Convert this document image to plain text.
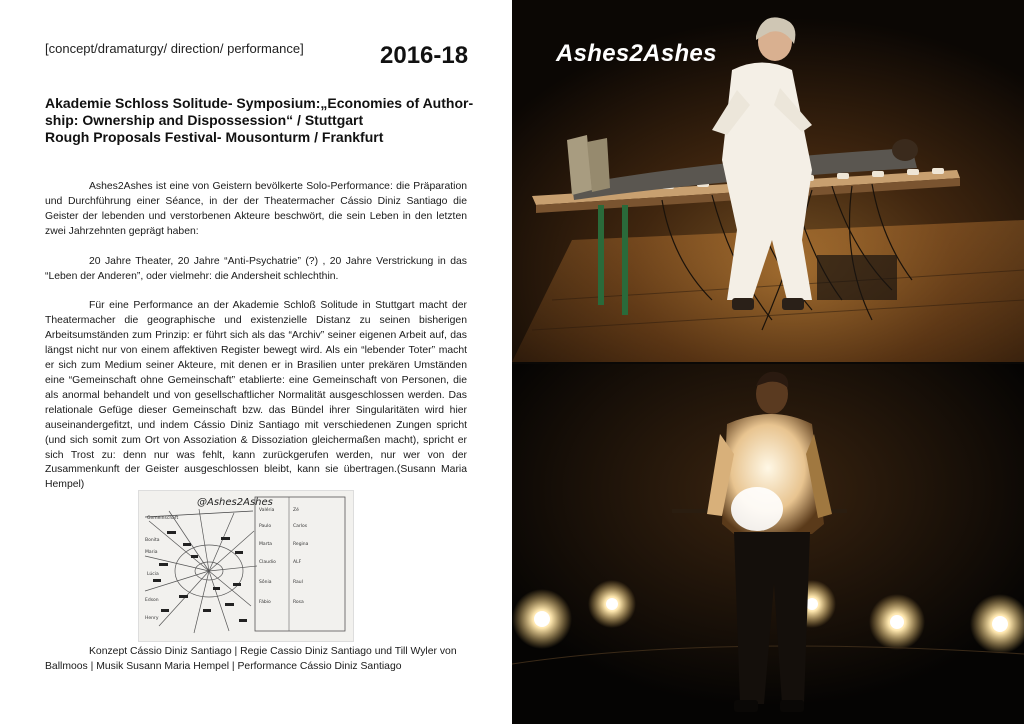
[concept/dramaturgy/ direction/ performance]	2016-18
Akademie Schloss Solitude- Symposium:„Economies of Author-
ship: Ownership and Dispossession“ / Stuttgart
Rough Proposals Festival- Mousonturm / Frankfurt

Ashes2Ashes ist eine von Geistern bevölkerte Solo-Performance: die Präparation und Durchführung einer Séance, in der der Theatermacher Cássio Diniz Santiago die Geister der lebenden und verstorbenen Akteure beschwört, die sein Leben in den letzten zwei Jahrzehnten geprägt haben:

20 Jahre Theater, 20 Jahre “Anti-Psychatrie” (?) , 20 Jahre Verstrickung in das “Leben der Anderen”, oder vielmehr: die Andersheit schlechthin.

Für eine Performance an der Akademie Schloß Solitude in Stuttgart macht der Theatermacher die geographische und existenzielle Distanz zu seinen bisherigen Arbeitsumständen zum Prinzip: er führt sich als das “Archiv” seiner eigenen Arbeit auf, das längst nicht nur von einem affektiven Register bewegt wird. Als ein “lebender Toter” macht er sich zum Medium seiner Akteure, mit denen er in Brasilien unter prekären Umständen eine “Gemeinschaft ohne Gemeinschaft” etablierte: eine Gemeinschaft von Personen, die als anormal behandelt und von gesellschaftlicher Normalität ausgeschlossen werden. Das relationale Gefüge dieser Gemeinschaft bzw. das Bündel ihrer Singularitäten wird hier auseinandergefitzt, und indem Cássio Diniz Santiago mit verschiedenen Zungen spricht (und sich somit zum Ort von Assoziation & Dissoziation gleichermaßen macht), spricht er sich Trost zu: denn nur was fehlt, kann zurückgerufen werden, nur wer von der Zusammenkunft der Geister ausgeschlossen bleibt, kann sie übertragen.(Susann Maria Hempel)

@Ashes2Ashes
Gemeinschaft
Bonita
Maria
Lúcia
Edson
Henry
Valéria	Zé
Paulo	Carlos
Marta	Regina
ALF
Claudio
Sônia	Raul
Fábio	Rosa
Konzept Cássio Diniz Santiago | Regie Cassio Diniz Santiago und Till Wyler von
Ballmoos | Musik Susann Maria Hempel | Performance Cássio Diniz Santiago
Ashes2Ashes
